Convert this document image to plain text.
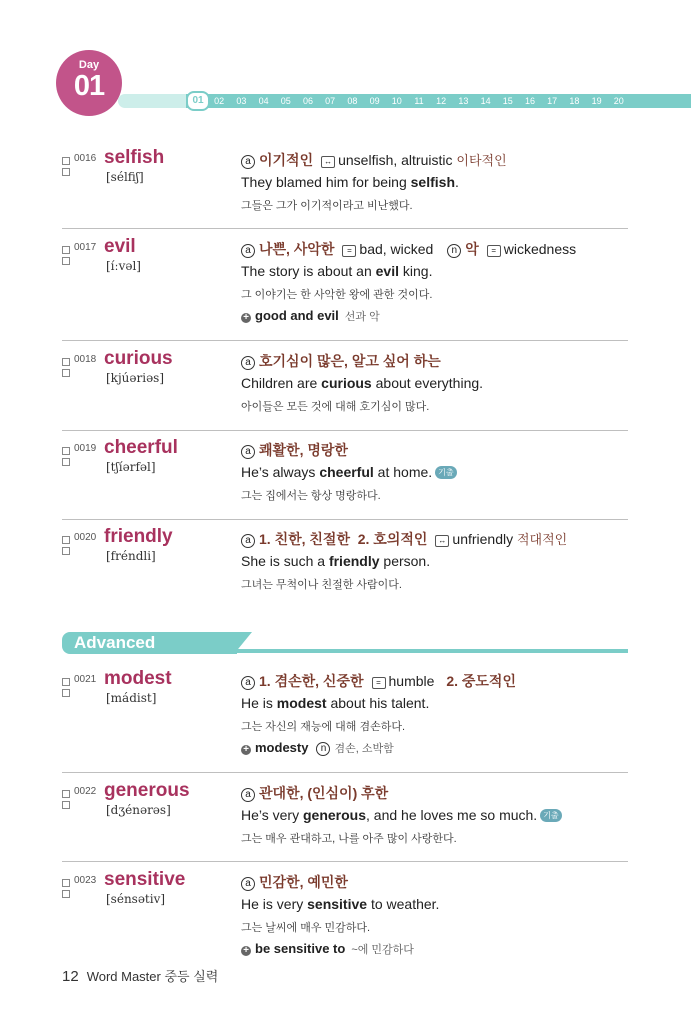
Day
01	01	02	03	04	05	06	07	08	09	10	11	12	13	14	15	16	17	18	19	20
0016 selfish
[sélfiʃ]
a 이기적인 ↔ unselfish, altruistic 이타적인
They blamed him for being selfish.
그들은 그가 이기적이라고 비난했다.
0017 evil
[íːvəl]
a 나쁜, 사악한 = bad, wicked n 악 = wickedness
The story is about an evil king.
그 이야기는 한 사악한 왕에 관한 것이다.
+ good and evil 선과 악
0018 curious
[kjúəriəs]
a 호기심이 많은, 알고 싶어 하는
Children are curious about everything.
아이들은 모든 것에 대해 호기심이 많다.
0019 cheerful
[tʃíərfəl]
a 쾌활한, 명랑한
He’s always cheerful at home. 기출
그는 집에서는 항상 명랑하다.
0020 friendly
[fréndli]
a 1. 친한, 친절한  2. 호의적인 ↔ unfriendly 적대적인
She is such a friendly person.
그녀는 무척이나 친절한 사람이다.
Advanced
0021 modest
[mádist]
a 1. 겸손한, 신중한 = humble 2. 중도적인
He is modest about his talent.
그는 자신의 재능에 대해 겸손하다.
+ modesty n 겸손, 소박함
0022 generous
[dʒénərəs]
a 관대한, (인심이) 후한
He’s very generous, and he loves me so much. 기출
그는 매우 관대하고, 나를 아주 많이 사랑한다.
0023 sensitive
[sénsətiv]
a 민감한, 예민한
He is very sensitive to weather.
그는 날씨에 매우 민감하다.
+ be sensitive to ~에 민감하다
12 Word Master 중등 실력
